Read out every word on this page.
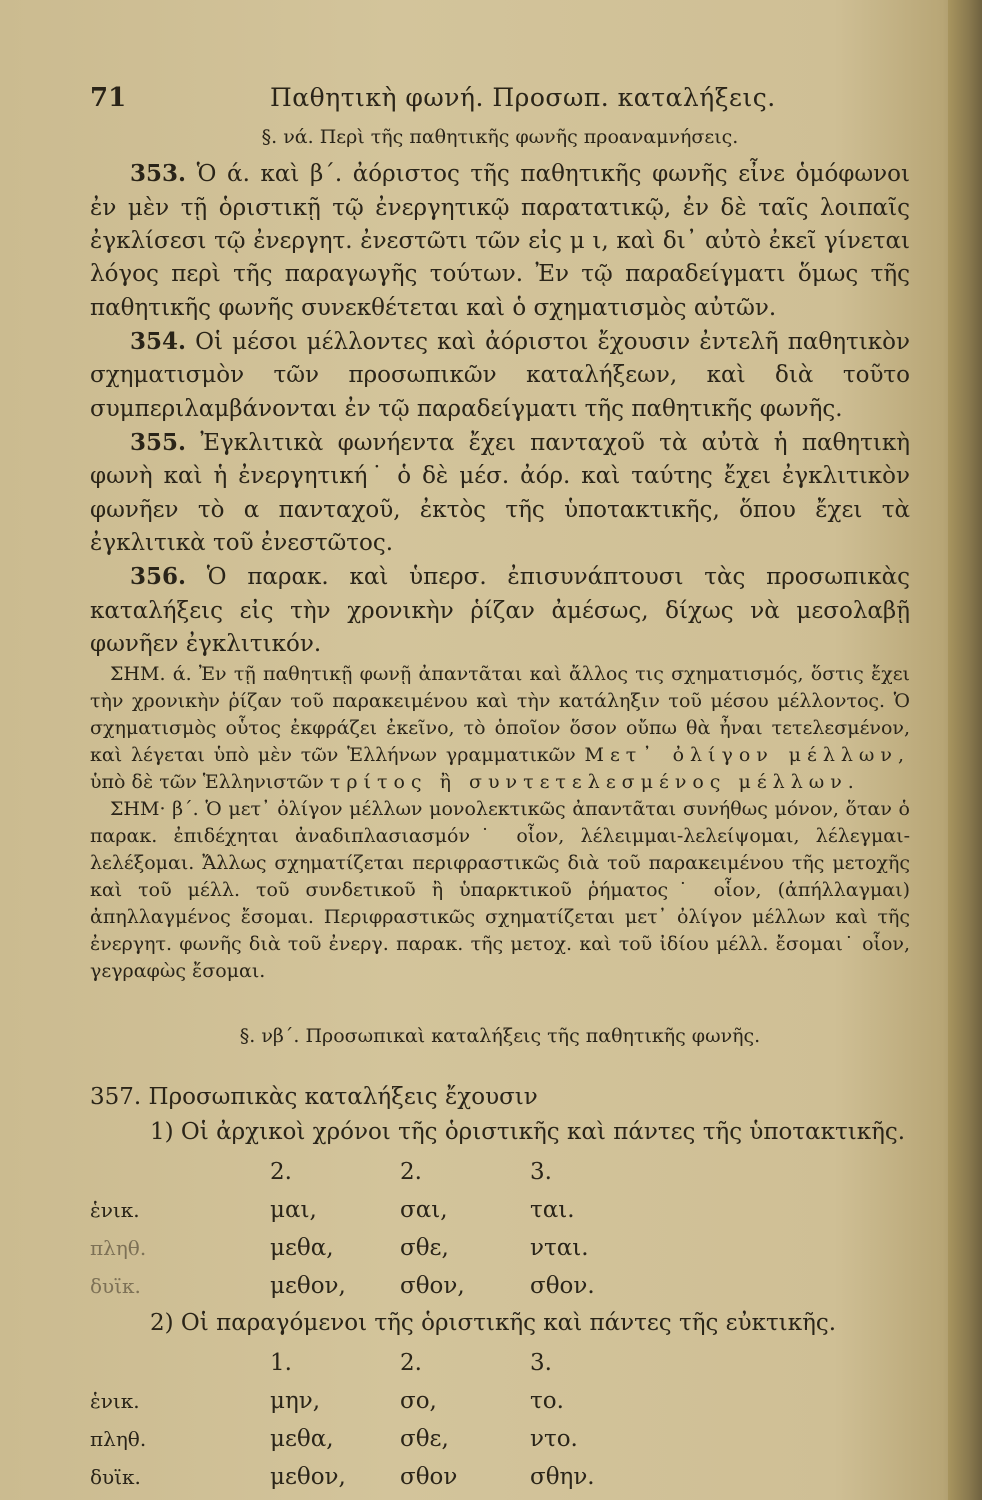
71	Παθητικὴ φωνή. Προσωπ. καταλήξεις.
§. νά. Περὶ τῆς παθητικῆς φωνῆς προαναμνήσεις.

353. Ὁ ά. καὶ β΄. ἀόριστος τῆς παθητικῆς φωνῆς εἶνε ὁμόφωνοι ἐν μὲν τῇ ὁριστικῇ τῷ ἐνεργητικῷ παρατατικῷ, ἐν δὲ ταῖς λοιπαῖς ἐγκλίσεσι τῷ ἐνεργητ. ἐνεστῶτι τῶν εἰς μ ι, καὶ δι᾽ αὐτὸ ἐκεῖ γίνεται λόγος περὶ τῆς παραγωγῆς τούτων. Ἐν τῷ παραδείγματι ὅμως τῆς παθητικῆς φωνῆς συνεκθέτεται καὶ ὁ σχηματισμὸς αὐτῶν.

354. Οἱ μέσοι μέλλοντες καὶ ἀόριστοι ἔχουσιν ἐντελῆ παθητικὸν σχηματισμὸν τῶν προσωπικῶν καταλήξεων, καὶ διὰ τοῦτο συμπεριλαμβάνονται ἐν τῷ παραδείγματι τῆς παθητικῆς φωνῆς.

355. Ἐγκλιτικὰ φωνήεντα ἔχει πανταχοῦ τὰ αὐτὰ ἡ παθητικὴ φωνὴ καὶ ἡ ἐνεργητική˙ ὁ δὲ μέσ. ἀόρ. καὶ ταύτης ἔχει ἐγκλιτικὸν φωνῆεν τὸ α πανταχοῦ, ἐκτὸς τῆς ὑποτακτικῆς, ὅπου ἔχει τὰ ἐγκλιτικὰ τοῦ ἐνεστῶτος.

356. Ὁ παρακ. καὶ ὑπερσ. ἐπισυνάπτουσι τὰς προσωπικὰς καταλήξεις εἰς τὴν χρονικὴν ῥίζαν ἀμέσως, δίχως νὰ μεσολαβῇ φωνῆεν ἐγκλιτικόν.

ΣΗΜ. ά. Ἐν τῇ παθητικῇ φωνῇ ἀπαντᾶται καὶ ἄλλος τις σχηματισμός, ὅστις ἔχει τὴν χρονικὴν ῥίζαν τοῦ παρακειμένου καὶ τὴν κατάληξιν τοῦ μέσου μέλλοντος. Ὁ σχηματισμὸς οὗτος ἐκφράζει ἐκεῖνο, τὸ ὁποῖον ὅσον οὔπω θὰ ἦναι τετελεσμένον, καὶ λέγεται ὑπὸ μὲν τῶν Ἑλλήνων γραμματικῶν Μετ᾽ ὀλίγον μέλλων, ὑπὸ δὲ τῶν Ἑλληνιστῶν τρίτος ἢ συντετελεσμένος μέλλων.

ΣΗΜ· β΄. Ὁ μετ᾽ ὀλίγον μέλλων μονολεκτικῶς ἀπαντᾶται συνήθως μόνον, ὅταν ὁ παρακ. ἐπιδέχηται ἀναδιπλασιασμόν˙ οἷον, λέλειμμαι-λελείψομαι, λέλεγμαι-λελέξομαι. Ἄλλως σχηματίζεται περιφραστικῶς διὰ τοῦ παρακειμένου τῆς μετοχῆς καὶ τοῦ μέλλ. τοῦ συνδετικοῦ ἢ ὑπαρκτικοῦ ῥήματος˙ οἷον, (ἀπήλλαγμαι) ἀπηλλαγμένος ἔσομαι. Περιφραστικῶς σχηματίζεται μετ᾽ ὀλίγον μέλλων καὶ τῆς ἐνεργητ. φωνῆς διὰ τοῦ ἐνεργ. παρακ. τῆς μετοχ. καὶ τοῦ ἰδίου μέλλ. ἔσομαι˙ οἷον, γεγραφὼς ἔσομαι.

§. νβ΄. Προσωπικαὶ καταλήξεις τῆς παθητικῆς φωνῆς.

357. Προσωπικὰς καταλήξεις ἔχουσιν

1) Οἱ ἀρχικοὶ χρόνοι τῆς ὁριστικῆς καὶ πάντες τῆς ὑποτακτικῆς.
	2.	2.	3.
ἑνικ.	μαι,	σαι,	ται.
πληθ.	μεθα,	σθε,	νται.
δυϊκ.	μεθον,	σθον,	σθον.
2) Οἱ παραγόμενοι τῆς ὁριστικῆς καὶ πάντες τῆς εὐκτικῆς.
	1.	2.	3.
ἑνικ.	μην,	σο,	το.
πληθ.	μεθα,	σθε,	ντο.
δυϊκ.	μεθον,	σθον	σθην.
